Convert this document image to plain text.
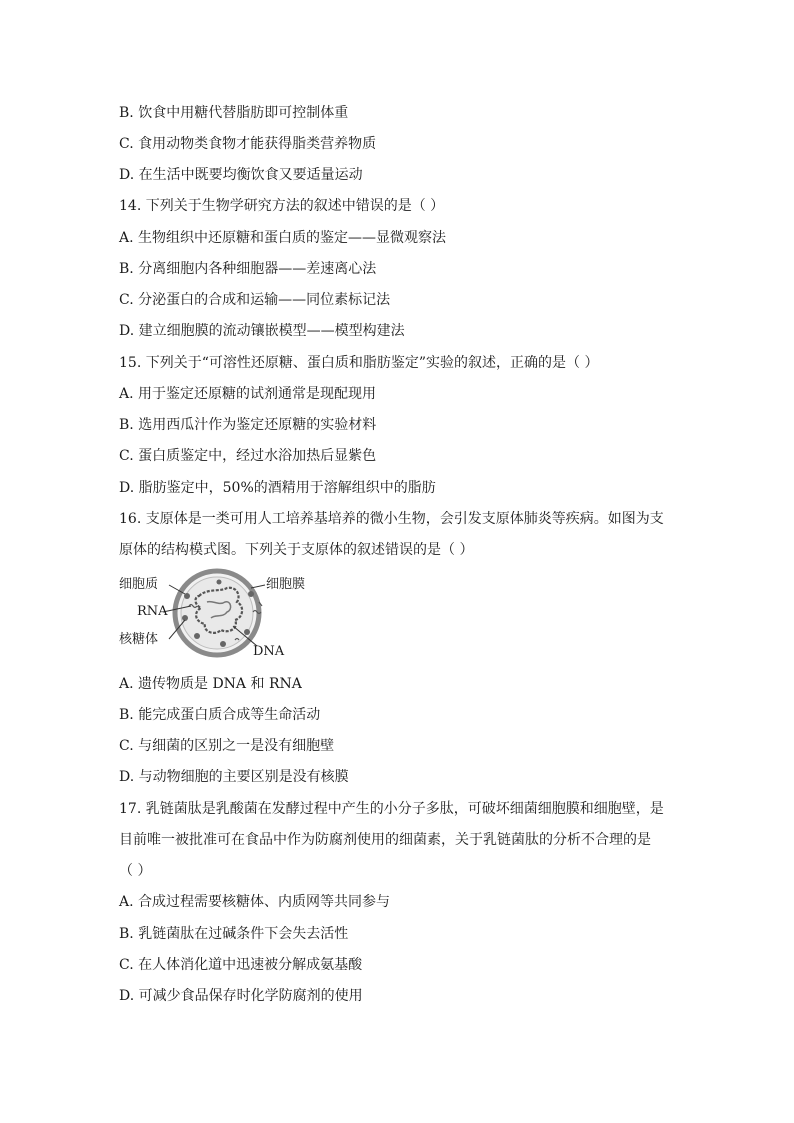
B. 饮食中用糖代替脂肪即可控制体重
C. 食用动物类食物才能获得脂类营养物质
D. 在生活中既要均衡饮食又要适量运动
14. 下列关于生物学研究方法的叙述中错误的是（ ）
A. 生物组织中还原糖和蛋白质的鉴定——显微观察法
B. 分离细胞内各种细胞器——差速离心法
C. 分泌蛋白的合成和运输——同位素标记法
D. 建立细胞膜的流动镶嵌模型——模型构建法
15. 下列关于“可溶性还原糖、蛋白质和脂肪鉴定”实验的叙述，正确的是（ ）
A. 用于鉴定还原糖的试剂通常是现配现用
B. 选用西瓜汁作为鉴定还原糖的实验材料
C. 蛋白质鉴定中，经过水浴加热后显紫色
D. 脂肪鉴定中，50%的酒精用于溶解组织中的脂肪
16. 支原体是一类可用人工培养基培养的微小生物，会引发支原体肺炎等疾病。如图为支
原体的结构模式图。下列关于支原体的叙述错误的是（ ）
细胞质	细胞膜
RNA
核糖体
DNA
A. 遗传物质是 DNA 和 RNA
B. 能完成蛋白质合成等生命活动
C. 与细菌的区别之一是没有细胞壁
D. 与动物细胞的主要区别是没有核膜
17. 乳链菌肽是乳酸菌在发酵过程中产生的小分子多肽，可破坏细菌细胞膜和细胞壁，是
目前唯一被批准可在食品中作为防腐剂使用的细菌素，关于乳链菌肽的分析不合理的是
（ ）
A. 合成过程需要核糖体、内质网等共同参与
B. 乳链菌肽在过碱条件下会失去活性
C. 在人体消化道中迅速被分解成氨基酸
D. 可减少食品保存时化学防腐剂的使用
